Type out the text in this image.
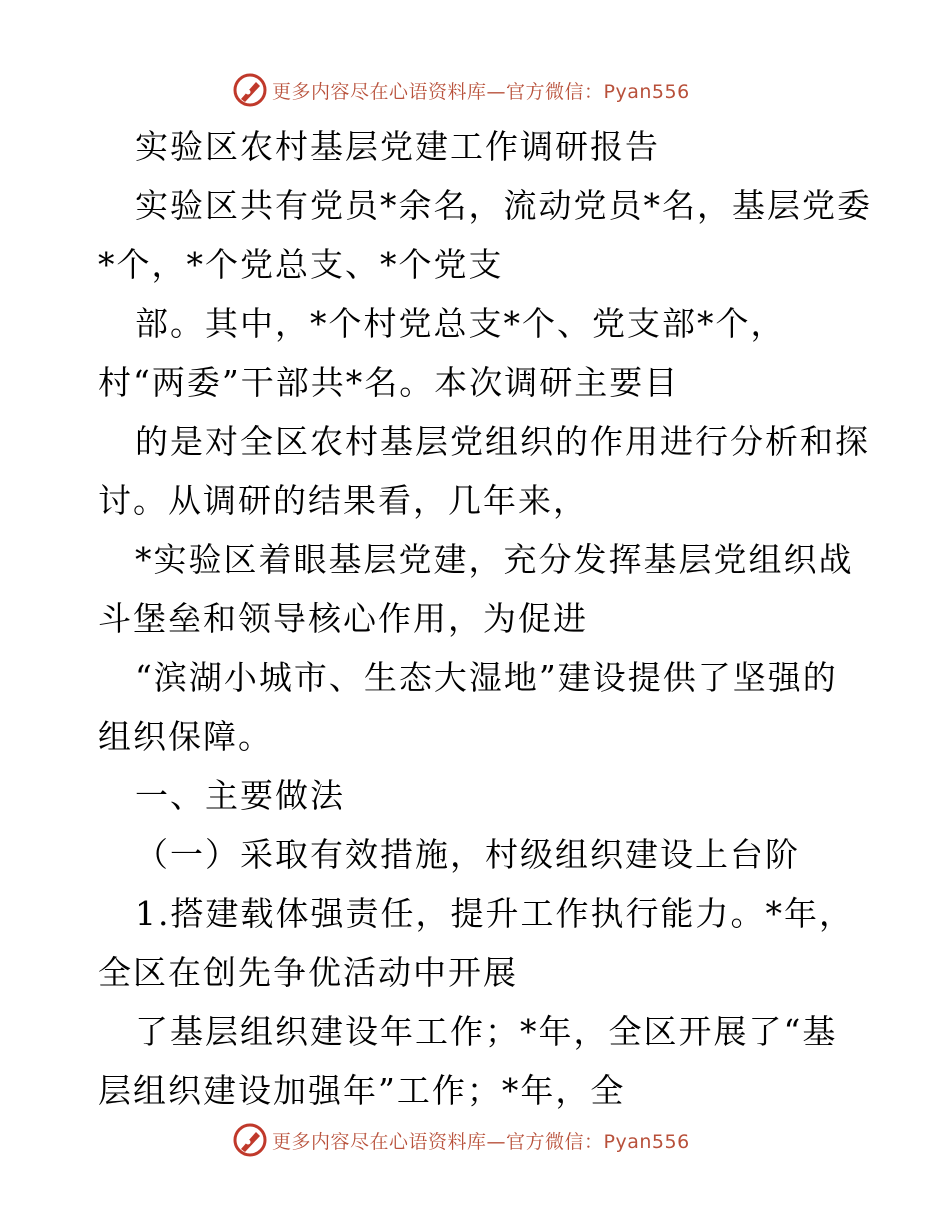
更多内容尽在心语资料库—官方微信：Pyan556
实验区农村基层党建工作调研报告
实验区共有党员*余名，流动党员*名，基层党委
*个，*个党总支、*个党支
部。其中，*个村党总支*个、党支部*个，
村“两委”干部共*名。本次调研主要目
的是对全区农村基层党组织的作用进行分析和探
讨。从调研的结果看，几年来，
*实验区着眼基层党建，充分发挥基层党组织战
斗堡垒和领导核心作用，为促进
“滨湖小城市、生态大湿地”建设提供了坚强的
组织保障。
一、主要做法
（一）采取有效措施，村级组织建设上台阶
1.搭建载体强责任，提升工作执行能力。*年，
全区在创先争优活动中开展
了基层组织建设年工作；*年，全区开展了“基
层组织建设加强年”工作；*年，全
更多内容尽在心语资料库—官方微信：Pyan556
